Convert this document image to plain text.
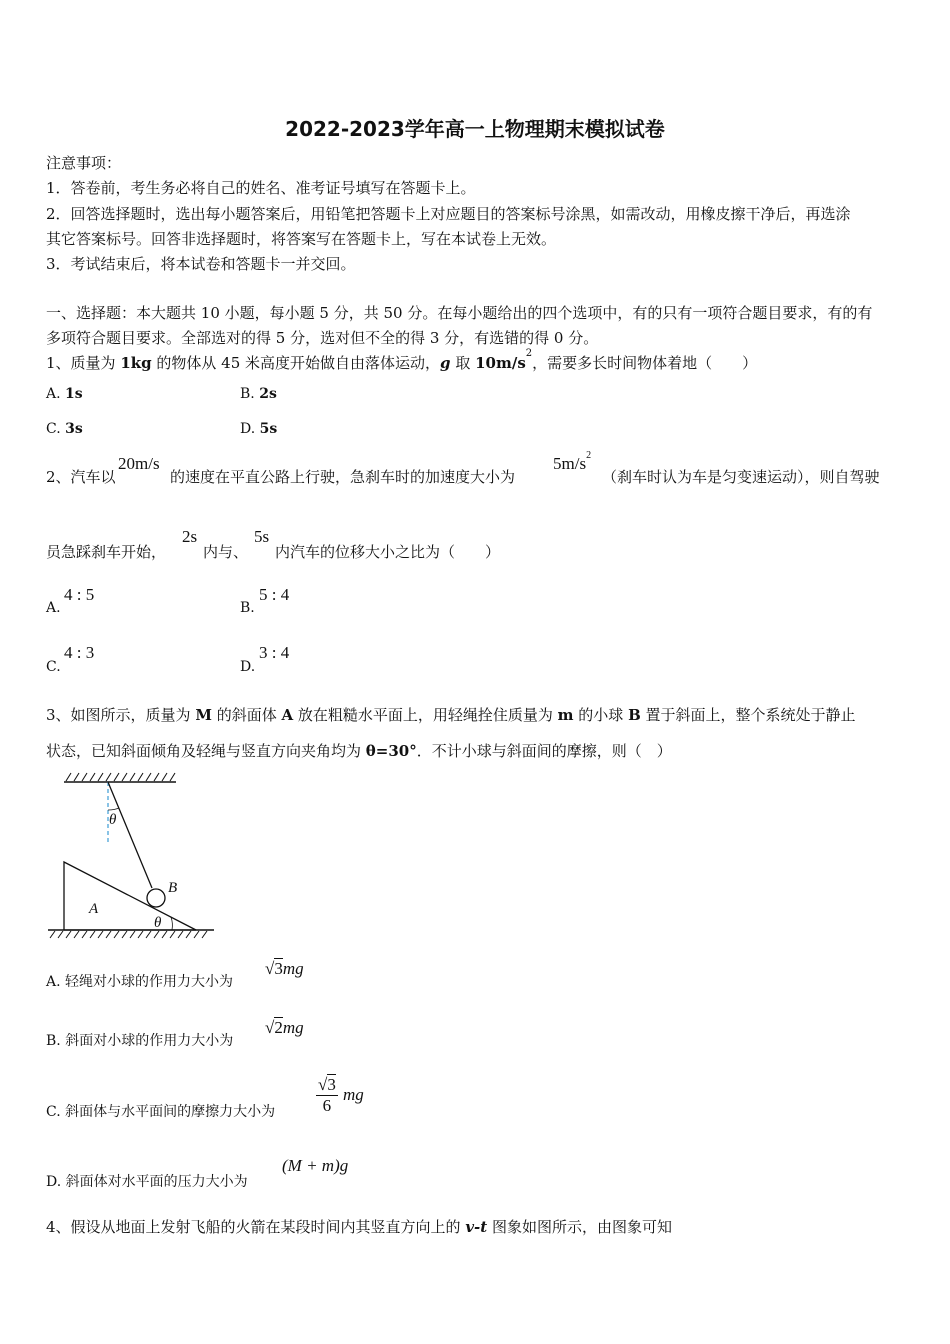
2022-2023学年高一上物理期末模拟试卷
注意事项：
1．答卷前，考生务必将自己的姓名、准考证号填写在答题卡上。
2．回答选择题时，选出每小题答案后，用铅笔把答题卡上对应题目的答案标号涂黑，如需改动，用橡皮擦干净后，再选涂
其它答案标号。回答非选择题时，将答案写在答题卡上，写在本试卷上无效。
3．考试结束后，将本试卷和答题卡一并交回。
一、选择题：本大题共 10 小题，每小题 5 分，共 50 分。在每小题给出的四个选项中，有的只有一项符合题目要求，有的有
多项符合题目要求。全部选对的得 5 分，选对但不全的得 3 分，有选错的得 0 分。
1、质量为 1kg 的物体从 45 米高度开始做自由落体运动，g 取 $10m/s^2$，需要多长时间物体着地（　　）
A. 1s	B. 2s
C. 3s	D. 5s
2、汽车以
20m/s
的速度在平直公路上行驶，急刹车时的加速度大小为
$5m/s^2$
（刹车时认为车是匀变速运动），则自驾驶
员急踩刹车开始，
2s
内与、
5s
内汽车的位移大小之比为（　　）
A.
4 : 5
B.
5 : 4
C.
4 : 3
D.
3 : 4
3、如图所示，质量为 M 的斜面体 A 放在粗糙水平面上，用轻绳拴住质量为 m 的小球 B 置于斜面上，整个系统处于静止
状态，已知斜面倾角及轻绳与竖直方向夹角均为 θ=30°．不计小球与斜面间的摩擦，则（　）
θ
B
A
θ
A. 轻绳对小球的作用力大小为
√3mg
B. 斜面对小球的作用力大小为
√2mg
C. 斜面体与水平面间的摩擦力大小为 $\frac{√3}{6}$ mg
D. 斜面体对水平面的压力大小为
(M + m)g
4、假设从地面上发射飞船的火箭在某段时间内其竖直方向上的 v-t 图象如图所示，由图象可知
